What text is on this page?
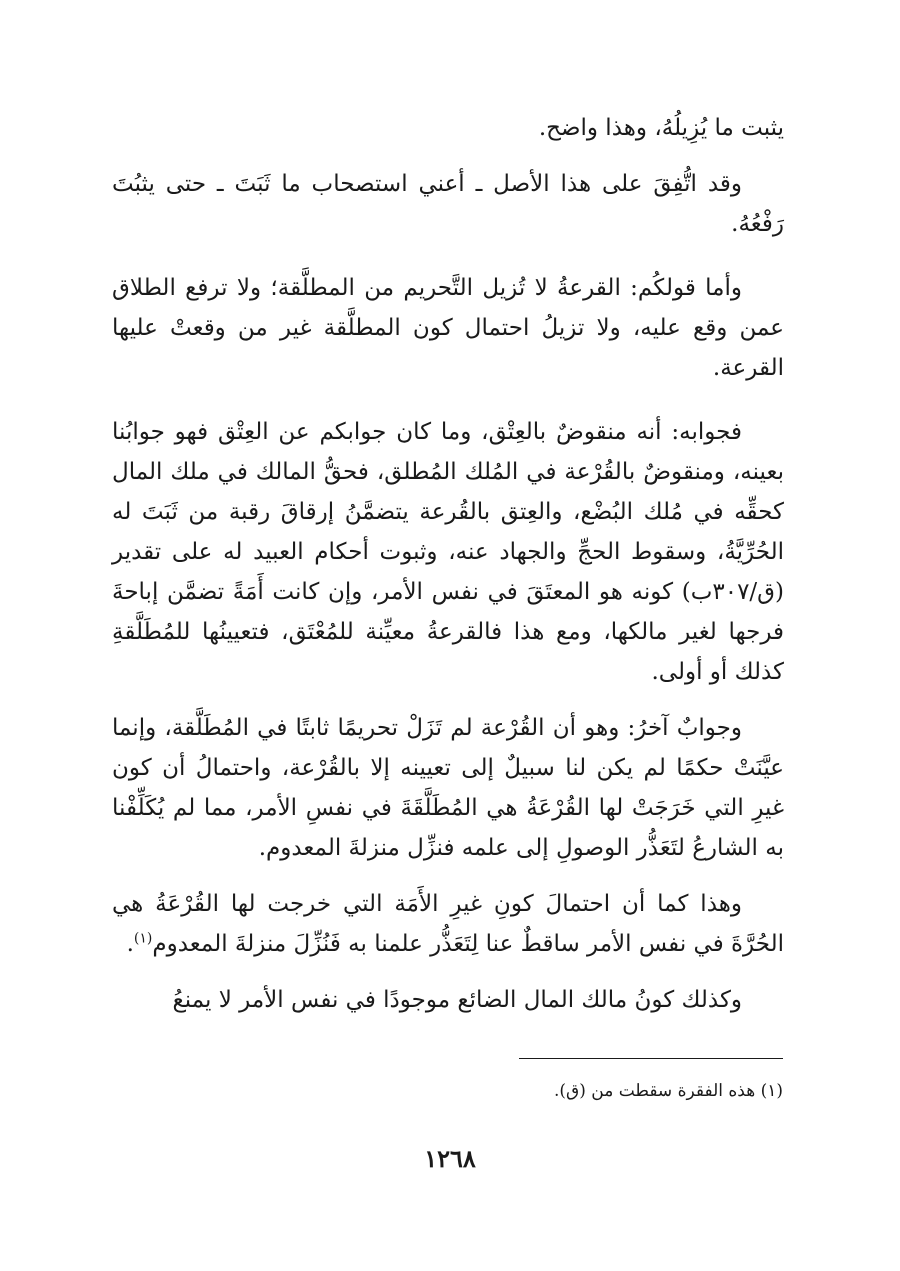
يثبت ما يُزِيلُهُ، وهذا واضح.

وقد اتُّفِقَ على هذا الأصل ـ أعني استصحاب ما ثَبَتَ ـ حتى يثبُتَ رَفْعُهُ.

وأما قولكُم: القرعةُ لا تُزيل التَّحريم من المطلَّقة؛ ولا ترفع الطلاق عمن وقع عليه، ولا تزيلُ احتمال كون المطلَّقة غير من وقعتْ عليها القرعة.

فجوابه: أنه منقوضٌ بالعِتْق، وما كان جوابكم عن العِتْق فهو جوابُنا بعينه، ومنقوضٌ بالقُرْعة في المُلك المُطلق، فحقُّ المالك في ملك المال كحقِّه في مُلك البُضْع، والعِتق بالقُرعة يتضمَّنُ إرقاقَ رقبة من ثَبَتَ له الحُرِّيَّةُ، وسقوط الحجِّ والجهاد عنه، وثبوت أحكام العبيد له على تقدير (ق/٣٠٧ب) كونه هو المعتَقَ في نفس الأمر، وإن كانت أَمَةً تضمَّن إباحةَ فرجها لغير مالكها، ومع هذا فالقرعةُ معيِّنة للمُعْتَق، فتعيينُها للمُطَلَّقةِ كذلك أو أولى.

وجوابٌ آخرُ: وهو أن القُرْعة لم تَزَلْ تحريمًا ثابتًا في المُطَلَّقة، وإنما عيَّنَتْ حكمًا لم يكن لنا سبيلٌ إلى تعيينه إلا بالقُرْعة، واحتمالُ أن كون غيرِ التي خَرَجَتْ لها القُرْعَةُ هي المُطَلَّقَةَ في نفسِ الأمر، مما لم يُكَلِّفْنا به الشارعُ لتَعَذُّر الوصولِ إلى علمه فنزِّل منزلةَ المعدوم.

وهذا كما أن احتمالَ كونِ غيرِ الأَمَة التي خرجت لها القُرْعَةُ هي الحُرَّةَ في نفس الأمر ساقطٌ عنا لِتَعَذُّر علمنا به فَنُزِّلَ منزلةَ المعدوم$^{(١)}$.

وكذلك كونُ مالك المال الضائع موجودًا في نفس الأمر لا يمنعُ

(١) هذه الفقرة سقطت من (ق).

١٢٦٨
